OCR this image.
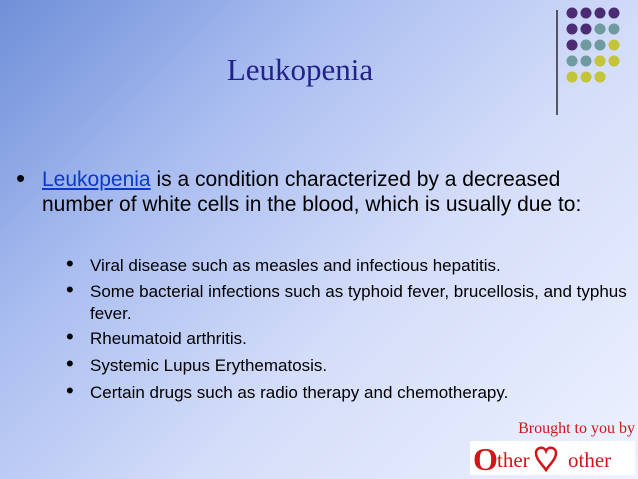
Leukopenia
• Leukopenia is a condition characterized by a decreased number of white cells in the blood, which is usually due to:
• Viral disease such as measles and infectious hepatitis.
• Some bacterial infections such as typhoid fever, brucellosis, and typhus fever.
• Rheumatoid arthritis.
• Systemic Lupus Erythematosis.
• Certain drugs such as radio therapy and chemotherapy.
Brought to you by
O ther other
